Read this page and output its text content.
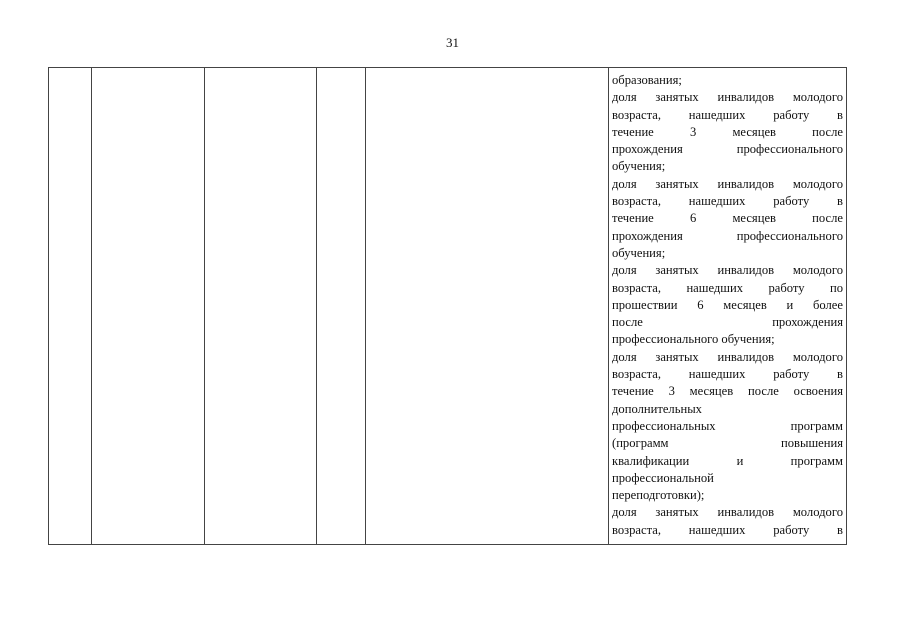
31

образования;
доля занятых инвалидов молодого
возраста, нашедших работу в
течение 3 месяцев после
прохождения профессионального
обучения;
доля занятых инвалидов молодого
возраста, нашедших работу в
течение 6 месяцев после
прохождения профессионального
обучения;
доля занятых инвалидов молодого
возраста, нашедших работу по
прошествии 6 месяцев и более
после прохождения
профессионального обучения;
доля занятых инвалидов молодого
возраста, нашедших работу в
течение 3 месяцев после освоения
дополнительных
профессиональных программ
(программ повышения
квалификации и программ
профессиональной
переподготовки);
доля занятых инвалидов молодого
возраста, нашедших работу в
